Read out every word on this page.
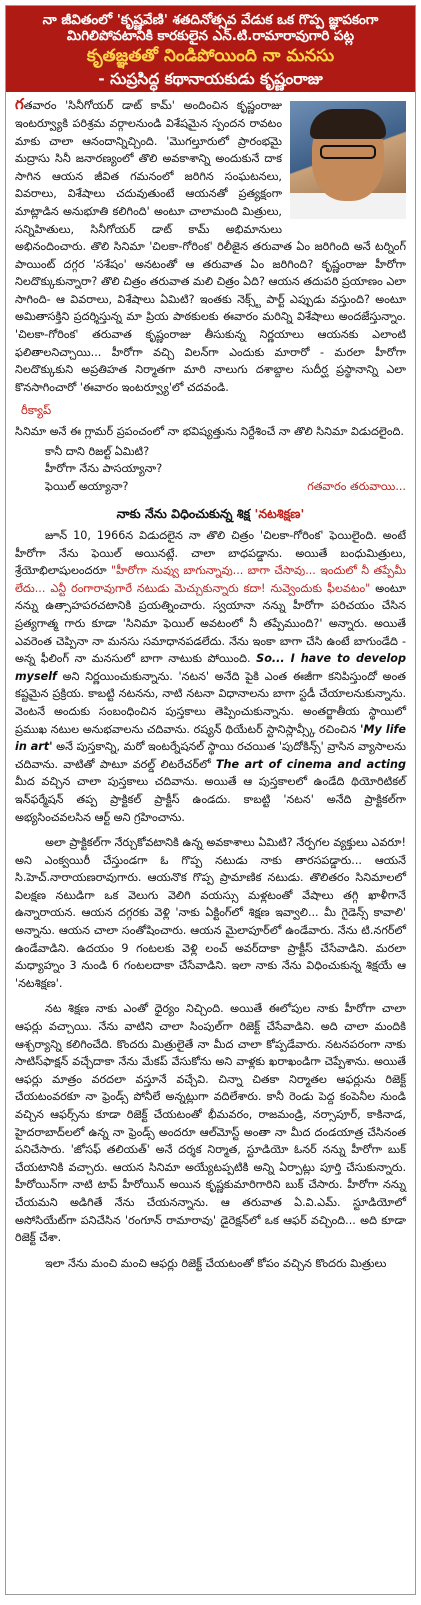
నా జీవితంలో 'కృష్ణవేణి' శతదినోత్సవ వేడుక ఒక గొప్ప జ్ఞాపకంగా
మిగిలిపోవటానికి కారకులైన ఎన్.టి.రామారావుగారి పట్ల
కృతజ్ఞతతో నిండిపోయింది నా మనసు
- సుప్రసిద్ధ కథానాయకుడు కృష్ణంరాజు

గతవారం 'సినీగోయర్ డాట్ కామ్' అందించిన కృష్ణంరాజు ఇంటర్వ్యూకి పరిశ్రమ వర్గాలనుండి విశేషమైన స్పందన రావటం మాకు చాలా ఆనందాన్నిచ్చింది. 'మొగల్తూరులో ప్రారంభమై మద్రాసు సినీ జనారణ్యంలో తొలి అవకాశాన్ని అందుకునే దాక సాగిన ఆయన జీవిత గమనంలో జరిగిన సంఘటనలు, వివరాలు, విశేషాలు చదువుతుంటే ఆయనతో ప్రత్యక్షంగా మాట్లాడిన అనుభూతి కలిగింది' అంటూ చాలామంది మిత్రులు, సన్నిహితులు, సినీగోయర్ డాట్ కామ్ అభిమానులు అభినందించారు. తొలి సినిమా 'చిలకా-గోరింక' రిలీజైన తరువాత ఏం జరిగింది అనే టర్నింగ్ పాయింట్ దగ్గర 'సశేషం' అనటంతో ఆ తరువాత ఏం జరిగింది? కృష్ణంరాజు హీరోగా నిలదొక్కుకున్నారా? తొలి చిత్రం తరువాత మలి చిత్రం ఏది? ఆయన తదుపరి ప్రయాణం ఎలా సాగింది- ఆ వివరాలు, విశేషాలు ఏమిటి? ఇంతకు నెక్స్ట్ పార్ట్ ఎప్పుడు వస్తుంది? అంటూ అమితాసక్తిని ప్రదర్శిస్తున్న మా ప్రియ పాఠకులకు ఈవారం మరిన్ని విశేషాలు అందజేస్తున్నాం. 'చిలకా-గోరింక' తరువాత కృష్ణంరాజు తీసుకున్న నిర్ణయాలు ఆయనకు ఎలాంటి ఫలితాలనిచ్చాయి... హీరోగా వచ్చి విలన్‌గా ఎందుకు మారారో - మరలా హీరోగా నిలదొక్కుకుని అప్రతిహత నిర్మాతగా మారి నాలుగు దశాబ్దాల సుదీర్ఘ ప్రస్థానాన్ని ఎలా కొనసాగించారో 'ఈవారం ఇంటర్వ్యూ'లో చదవండి.

రీక్యాప్

సినిమా అనే ఈ గ్లామర్ ప్రపంచంలో నా భవిష్యత్తును నిర్దేశించే నా తొలి సినిమా విడుదలైంది.

కానీ దాని రిజల్ట్ ఏమిటి?

హీరోగా నేను పాసయ్యానా?

ఫెయిల్ అయ్యానా?	గతవారం తరువాయి...
నాకు నేను విధించుకున్న శిక్ష 'నటశిక్షణ'

జూన్ 10, 1966న విడుదలైన నా తొలి చిత్రం 'చిలకా-గోరింక' ఫెయిలైంది. అంటే హీరోగా నేను ఫెయిల్ అయినట్లే. చాలా బాధపడ్డాను. అయితే బంధుమిత్రులు, శ్రేయోభిలాషులందరూ "హీరోగా నువ్వు బాగున్నావు... బాగా చేసావు... ఇందులో నీ తప్పేమీ లేదు... ఎన్టీ రంగారావుగారే నటుడు మెచ్చుకున్నారు కదా! నువ్వెందుకు ఫీలవటం" అంటూ నన్ను ఉత్సాహపరచటానికి ప్రయత్నించారు. స్వయానా నన్ను హీరోగా పరిచయం చేసిన ప్రత్యగాత్మ గారు కూడా 'సినిమా ఫెయిల్ అవటంలో నీ తప్పేముంది?' అన్నారు. అయితే ఎవరెంత చెప్పినా నా మనసు సమాధానపడలేదు. నేను ఇంకా బాగా చేసి ఉంటే బాగుండేది - అన్న ఫీలింగ్ నా మనసులో బాగా నాటుకు పోయింది. So... I have to develop myself అని నిర్ణయించుకున్నాను. 'నటన' అనేది పైకి ఎంత ఈజీగా కనిపిస్తుందో అంత కష్టమైన ప్రక్రియ. కాబట్టి నటనను, నాటి నటనా విధానాలను బాగా స్టడీ చేయాలనుకున్నాను. వెంటనే అందుకు సంబంధించిన పుస్తకాలు తెప్పించుకున్నాను. అంతర్జాతీయ స్థాయిలో ప్రముఖ నటుల అనుభవాలను చదివాను. రష్యన్ థియేటర్ స్టానిస్లావ్స్కీ రచించిన 'My life in art' అనే పుస్తకాన్ని, మరో ఇంటర్నేషనల్ స్థాయి రచయిత 'పుదోకిన్స్' వ్రాసిన వ్యాసాలను చదివాను. వాటితో పాటూ వరల్డ్ లిటరేచర్‌లో The art of cinema and acting మీద వచ్చిన చాలా పుస్తకాలు చదివాను. అయితే ఆ పుస్తకాలలో ఉండేది థియోరిటికల్ ఇన్‌ఫర్మేషన్ తప్ప ప్రాక్టికల్ ప్రాక్టీస్ ఉండదు. కాబట్టి 'నటన' అనేది ప్రాక్టికల్‌గా అభ్యసించవలసిన ఆర్ట్ అని గ్రహించాను.

అలా ప్రాక్టికల్‌గా నేర్చుకోవటానికి ఉన్న అవకాశాలు ఏమిటి? నేర్పగల వ్యక్తులు ఎవరూ! అని ఎంక్వయిరీ చేస్తుండగా ఓ గొప్ప నటుడు నాకు తారసపడ్డారు... ఆయనే సి.హెచ్.నారాయణరావుగారు. ఆయనొక గొప్ప ప్రామాణిక నటుడు. తొలితరం సినిమాలలో విలక్షణ నటుడిగా ఒక వెలుగు వెలిగి వయస్సు మళ్లటంతో వేషాలు తగ్గి ఖాళీగానే ఉన్నారాయన. ఆయన దగ్గరకు వెళ్లి 'నాకు ఏక్టింగ్‌లో శిక్షణ ఇవ్వాలి... మీ గైడెన్స్ కావాలి' అన్నాను. ఆయన చాలా సంతోషించారు. ఆయన మైలాపూర్‌లో ఉండేవారు. నేను టి.నగర్‌లో ఉండేవాడిని. ఉదయం 9 గంటలకు వెళ్లి లంచ్ అవర్‌దాకా ప్రాక్టీస్ చేసేవాడిని. మరలా మధ్యాహ్నం 3 నుండి 6 గంటలదాకా చేసేవాడిని. ఇలా నాకు నేను విధించుకున్న శిక్షయే ఆ 'నటశిక్షణ'.

నట శిక్షణ నాకు ఎంతో ధైర్యం నిచ్చింది. అయితే ఈలోపుల నాకు హీరోగా చాలా ఆఫర్లు వచ్చాయి. నేను వాటిని చాలా సింపుల్‌గా రిజెక్ట్ చేసేవాడిని. అది చాలా మందికి ఆశ్చర్యాన్ని కలిగించేది. కొందరు మిత్రులైతే నా మీద చాలా కోప్పడేవారు. నటనపరంగా నాకు సాటిస్‌ఫాక్షన్ వచ్చేదాకా నేను మేకప్ వేసుకోను అని వాళ్లకు ఖరాఖండిగా చెప్పేశాను. అయితే ఆఫర్లు మాత్రం వరదలా వస్తూనే వచ్చేవి. చిన్నా చితకా నిర్మాతల ఆఫర్లును రిజెక్ట్ చేయటంవరకూ నా ఫ్రెండ్స్ పోనీలే అన్నట్లుగా వదిలేశారు. కానీ రెండు పెద్ద కంపెనీల నుండి వచ్చిన ఆఫర్స్‌ను కూడా రిజెక్ట్ చేయటంతో భీమవరం, రాజమండ్రి, నర్సాపూర్, కాకినాడ, హైదరాబాద్‌లలో ఉన్న నా ఫ్రెండ్స్ అందరూ ఆల్‌మోస్ట్ అంతా నా మీద దండయాత్ర చేసినంత పనిచేసారు. 'జోసఫ్ తలియత్' అనే దర్శక నిర్మాత, స్టూడియో ఓనర్ నన్ను హీరోగా బుక్ చేయటానికి వచ్చారు. ఆయన సినిమా అయ్యేటప్పటికి అన్ని ఏర్పాట్లు పూర్తి చేసుకున్నారు. హీరోయిన్‌గా నాటి టాప్ హీరోయిన్ అయిన కృష్ణకుమారిగారిని బుక్ చేసారు. హీరోగా నన్ను చేయమని అడిగితే నేను చేయనన్నాను. ఆ తరువాత ఏ.వి.ఎమ్. స్టూడియోలో అసోసియేట్‌గా పనిచేసిన 'రంగూన్ రామారావు' డైరెక్షన్‌లో ఒక ఆఫర్ వచ్చింది... అది కూడా రిజెక్ట్ చేశా.

ఇలా నేను మంచి మంచి ఆఫర్లు రిజెక్ట్ చేయటంతో కోపం వచ్చిన కొందరు మిత్రులు
